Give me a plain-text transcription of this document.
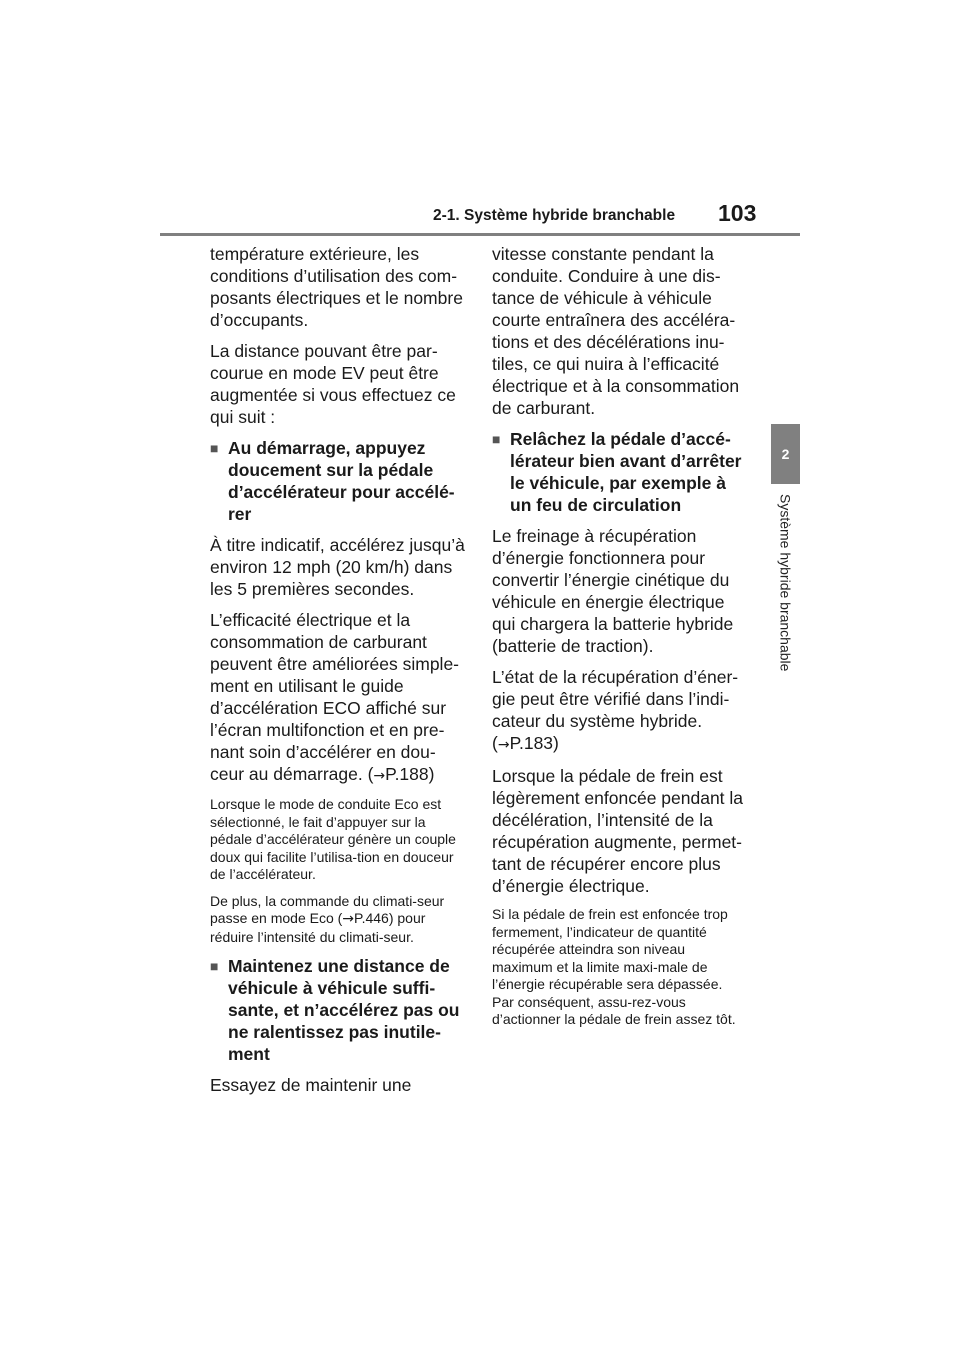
2-1. Système hybride branchable 103
2
Système hybride branchable

température extérieure, les conditions d’utilisation des com-posants électriques et le nombre d’occupants.

La distance pouvant être par-courue en mode EV peut être augmentée si vous effectuez ce qui suit :

■ Au démarrage, appuyez doucement sur la pédale d’accélérateur pour accélé-rer

À titre indicatif, accélérez jusqu’à environ 12 mph (20 km/h) dans les 5 premières secondes.

L’efficacité électrique et la consommation de carburant peuvent être améliorées simple-ment en utilisant le guide d’accélération ECO affiché sur l’écran multifonction et en pre-nant soin d’accélérer en dou-ceur au démarrage. (→P.188)

Lorsque le mode de conduite Eco est sélectionné, le fait d’appuyer sur la pédale d’accélérateur génère un couple doux qui facilite l’utilisa-tion en douceur de l’accélérateur.

De plus, la commande du climati-seur passe en mode Eco (→P.446) pour réduire l’intensité du climati-seur.

■ Maintenez une distance de véhicule à véhicule suffi-sante, et n’accélérez pas ou ne ralentissez pas inutile-ment

Essayez de maintenir une

vitesse constante pendant la conduite. Conduire à une dis-tance de véhicule à véhicule courte entraînera des accéléra-tions et des décélérations inu-tiles, ce qui nuira à l’efficacité électrique et à la consommation de carburant.

■ Relâchez la pédale d’accé-lérateur bien avant d’arrêter le véhicule, par exemple à un feu de circulation

Le freinage à récupération d’énergie fonctionnera pour convertir l’énergie cinétique du véhicule en énergie électrique qui chargera la batterie hybride (batterie de traction).

L’état de la récupération d’éner-gie peut être vérifié dans l’indi-cateur du système hybride. (→P.183)

Lorsque la pédale de frein est légèrement enfoncée pendant la décélération, l’intensité de la récupération augmente, permet-tant de récupérer encore plus d’énergie électrique.

Si la pédale de frein est enfoncée trop fermement, l’indicateur de quantité récupérée atteindra son niveau maximum et la limite maxi-male de l’énergie récupérable sera dépassée. Par conséquent, assu-rez-vous d’actionner la pédale de frein assez tôt.
